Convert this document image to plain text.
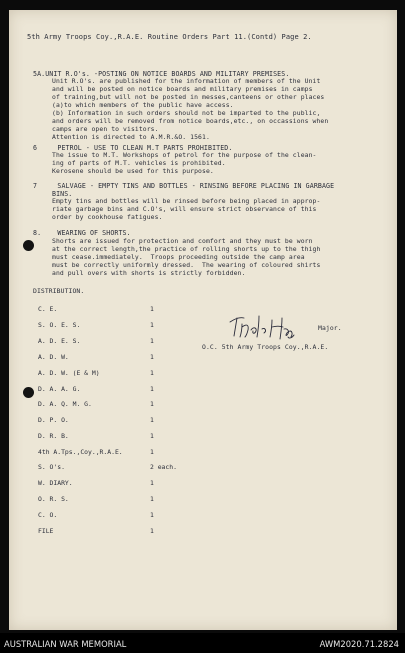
5th Army Troops Coy.,R.A.E. Routine Orders Part 11.(Contd) Page 2.
5A.UNIT R.O's. -POSTING ON NOTICE BOARDS AND MILITARY PREMISES.
Unit R.O's. are published for the information of members of the Unit
and will be posted on notice boards and military premises in camps
of training,but will not be posted in messes,canteens or other places
(a)to which members of the public have access.
(b) Information in such orders should not be imparted to the public,
and orders will be removed from notice boards,etc., on occassions when
camps are open to visitors.
Attention is directed to A.M.R.&O. 1561.
6     PETROL - USE TO CLEAN M.T PARTS PROHIBITED.
The issue to M.T. Workshops of petrol for the purpose of the clean-
ing of parts of M.T. vehicles is prohibited.
Kerosene should be used for this purpose.
7     SALVAGE - EMPTY TINS AND BOTTLES - RINSING BEFORE PLACING IN GARBAGE
BINS.
Empty tins and bottles will be rinsed before being placed in approp-
riate garbage bins and C.O's, will ensure strict observance of this
order by cookhouse fatigues.
8.    WEARING OF SHORTS.
Shorts are issued for protection and comfort and they must be worn
at the correct length,the practice of rolling shorts up to the thigh
must cease.immediately.  Troops proceeding outside the camp area
must be correctly uniformly dressed.  The wearing of coloured shirts
and pull overs with shorts is strictly forbidden.
DISTRIBUTION.
C. E.	1
S. O. E. S.	1
A. D. E. S.	1
A. D. W.	1
A. D. W. (E & M)	1
D. A. A. G.	1
D. A. Q. M. G.	1
D. P. O.	1
D. R. B.	1
4th A.Tps.,Coy.,R.A.E.	1
S. O's.	2 each.
W. DIARY.	1
O. R. S.	1
C. O.	1
FILE	1
Major.
O.C. 5th Army Troops Coy.,R.A.E.
AUSTRALIAN WAR MEMORIAL	AWM2020.71.2824
